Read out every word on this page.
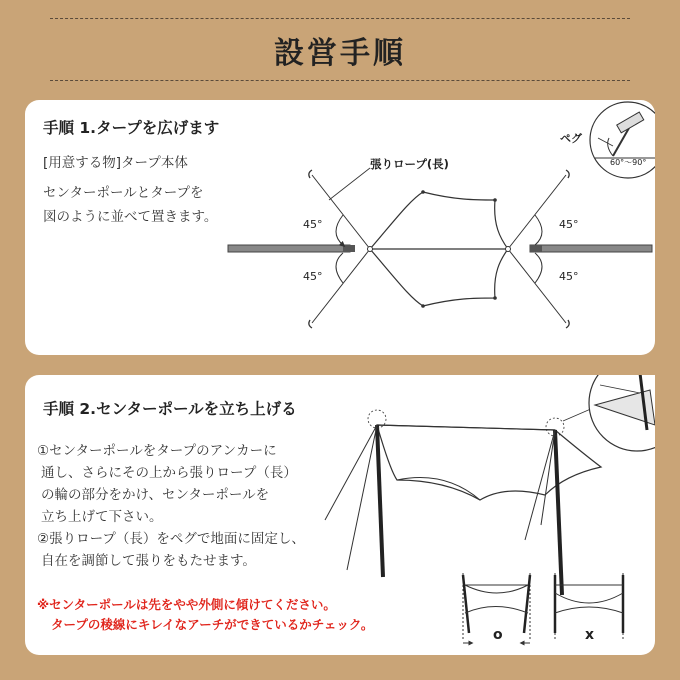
設営手順
手順 1.タープを広げます
[用意する物]タープ本体
センターポールとタープを
図のように並べて置きます。
張りロープ(長)
45°
45°
45°
45°
ペグ
60°〜90°
手順 2.センターポールを立ち上げる
①センターポールをタープのアンカーに
通し、さらにその上から張りロープ（長）
の輪の部分をかけ、センターポールを
立ち上げて下さい。
②張りロープ（長）をペグで地面に固定し、
自在を調節して張りをもたせます。
※センターポールは先をやや外側に傾けてください。
タープの稜線にキレイなアーチができているかチェック。
o	x
